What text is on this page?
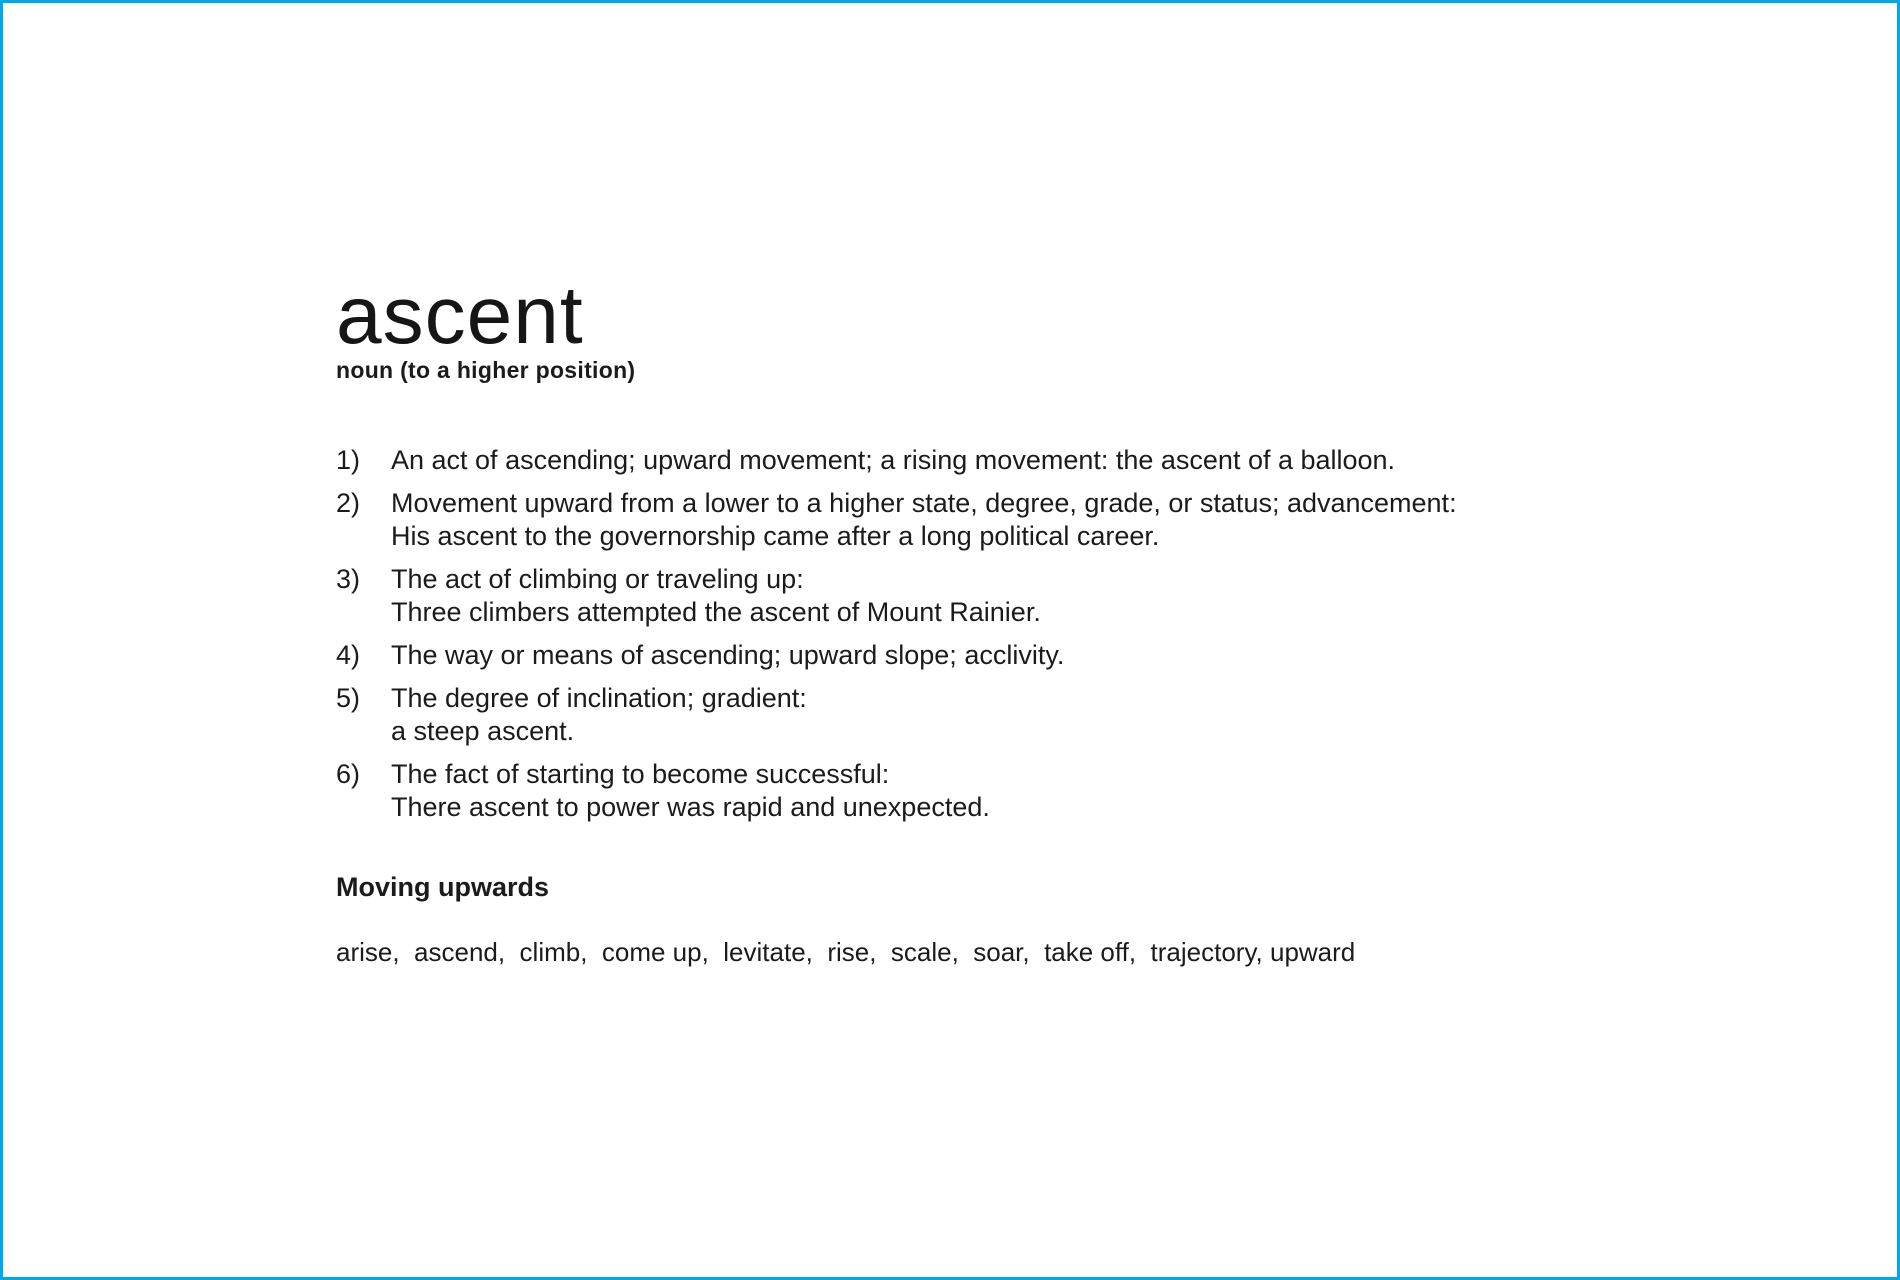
ascent
noun (to a higher position)
1)	An act of ascending; upward movement; a rising movement: the ascent of a balloon.
2)	Movement upward from a lower to a higher state, degree, grade, or status; advancement:
His ascent to the governorship came after a long political career.
3)	The act of climbing or traveling up:
Three climbers attempted the ascent of Mount Rainier.
4)	The way or means of ascending; upward slope; acclivity.
5)	The degree of inclination; gradient:
a steep ascent.
6)	The fact of starting to become successful:
There ascent to power was rapid and unexpected.
Moving upwards
arise,  ascend,  climb,  come up,  levitate,  rise,  scale,  soar,  take off,  trajectory, upward
